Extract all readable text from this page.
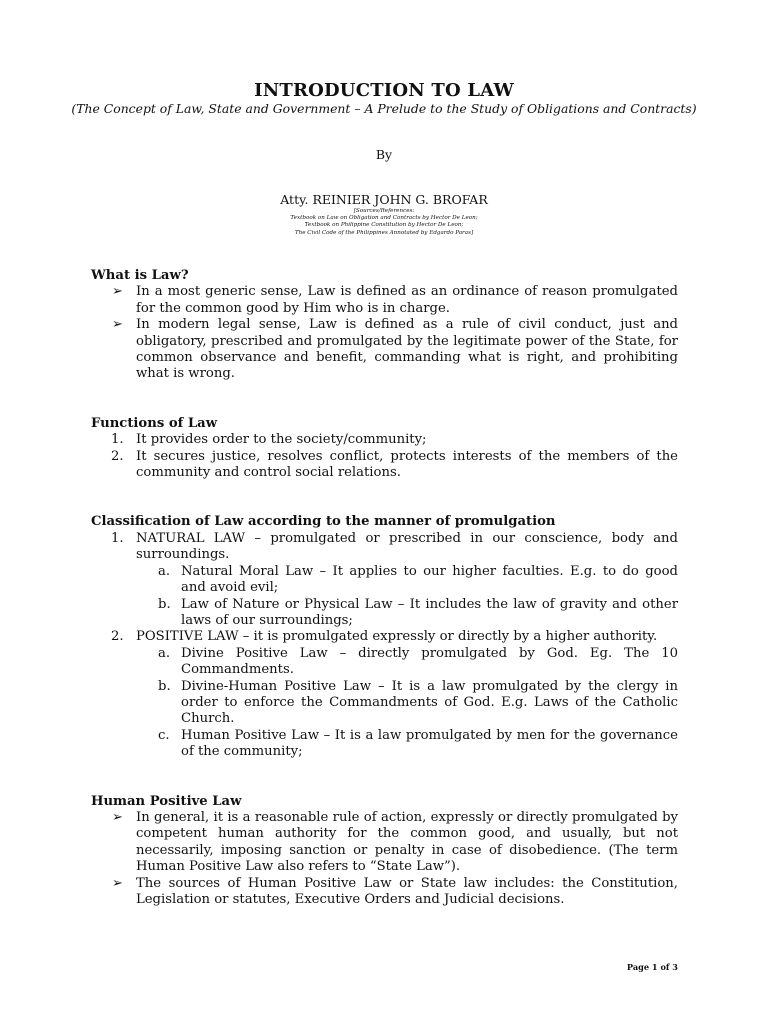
INTRODUCTION TO LAW

(The Concept of Law, State and Government – A Prelude to the Study of Obligations and Contracts)

By

Atty. REINIER JOHN G. BROFAR

[Sources/References:
Textbook on Law on Obligation and Contracts by Hector De Leon;
Textbook on Philippine Constitution by Hector De Leon;
The Civil Code of the Philippines Annotated by Edgardo Paras]
What is Law?
➢ In a most generic sense, Law is defined as an ordinance of reason promulgated for the common good by Him who is in charge.
➢ In modern legal sense, Law is defined as a rule of civil conduct, just and obligatory, prescribed and promulgated by the legitimate power of the State, for common observance and benefit, commanding what is right, and prohibiting what is wrong.
Functions of Law
1. It provides order to the society/community;
2. It secures justice, resolves conflict, protects interests of the members of the community and control social relations.
Classification of Law according to the manner of promulgation
1. NATURAL LAW – promulgated or prescribed in our conscience, body and surroundings.
a. Natural Moral Law – It applies to our higher faculties. E.g. to do good and avoid evil;
b. Law of Nature or Physical Law – It includes the law of gravity and other laws of our surroundings;
2. POSITIVE LAW – it is promulgated expressly or directly by a higher authority.
a. Divine Positive Law – directly promulgated by God. Eg. The 10 Commandments.
b. Divine-Human Positive Law – It is a law promulgated by the clergy in order to enforce the Commandments of God. E.g. Laws of the Catholic Church.
c. Human Positive Law – It is a law promulgated by men for the governance of the community;
Human Positive Law
➢ In general, it is a reasonable rule of action, expressly or directly promulgated by competent human authority for the common good, and usually, but not necessarily, imposing sanction or penalty in case of disobedience. (The term Human Positive Law also refers to “State Law”).
➢ The sources of Human Positive Law or State law includes: the Constitution, Legislation or statutes, Executive Orders and Judicial decisions.
Page 1 of 3
